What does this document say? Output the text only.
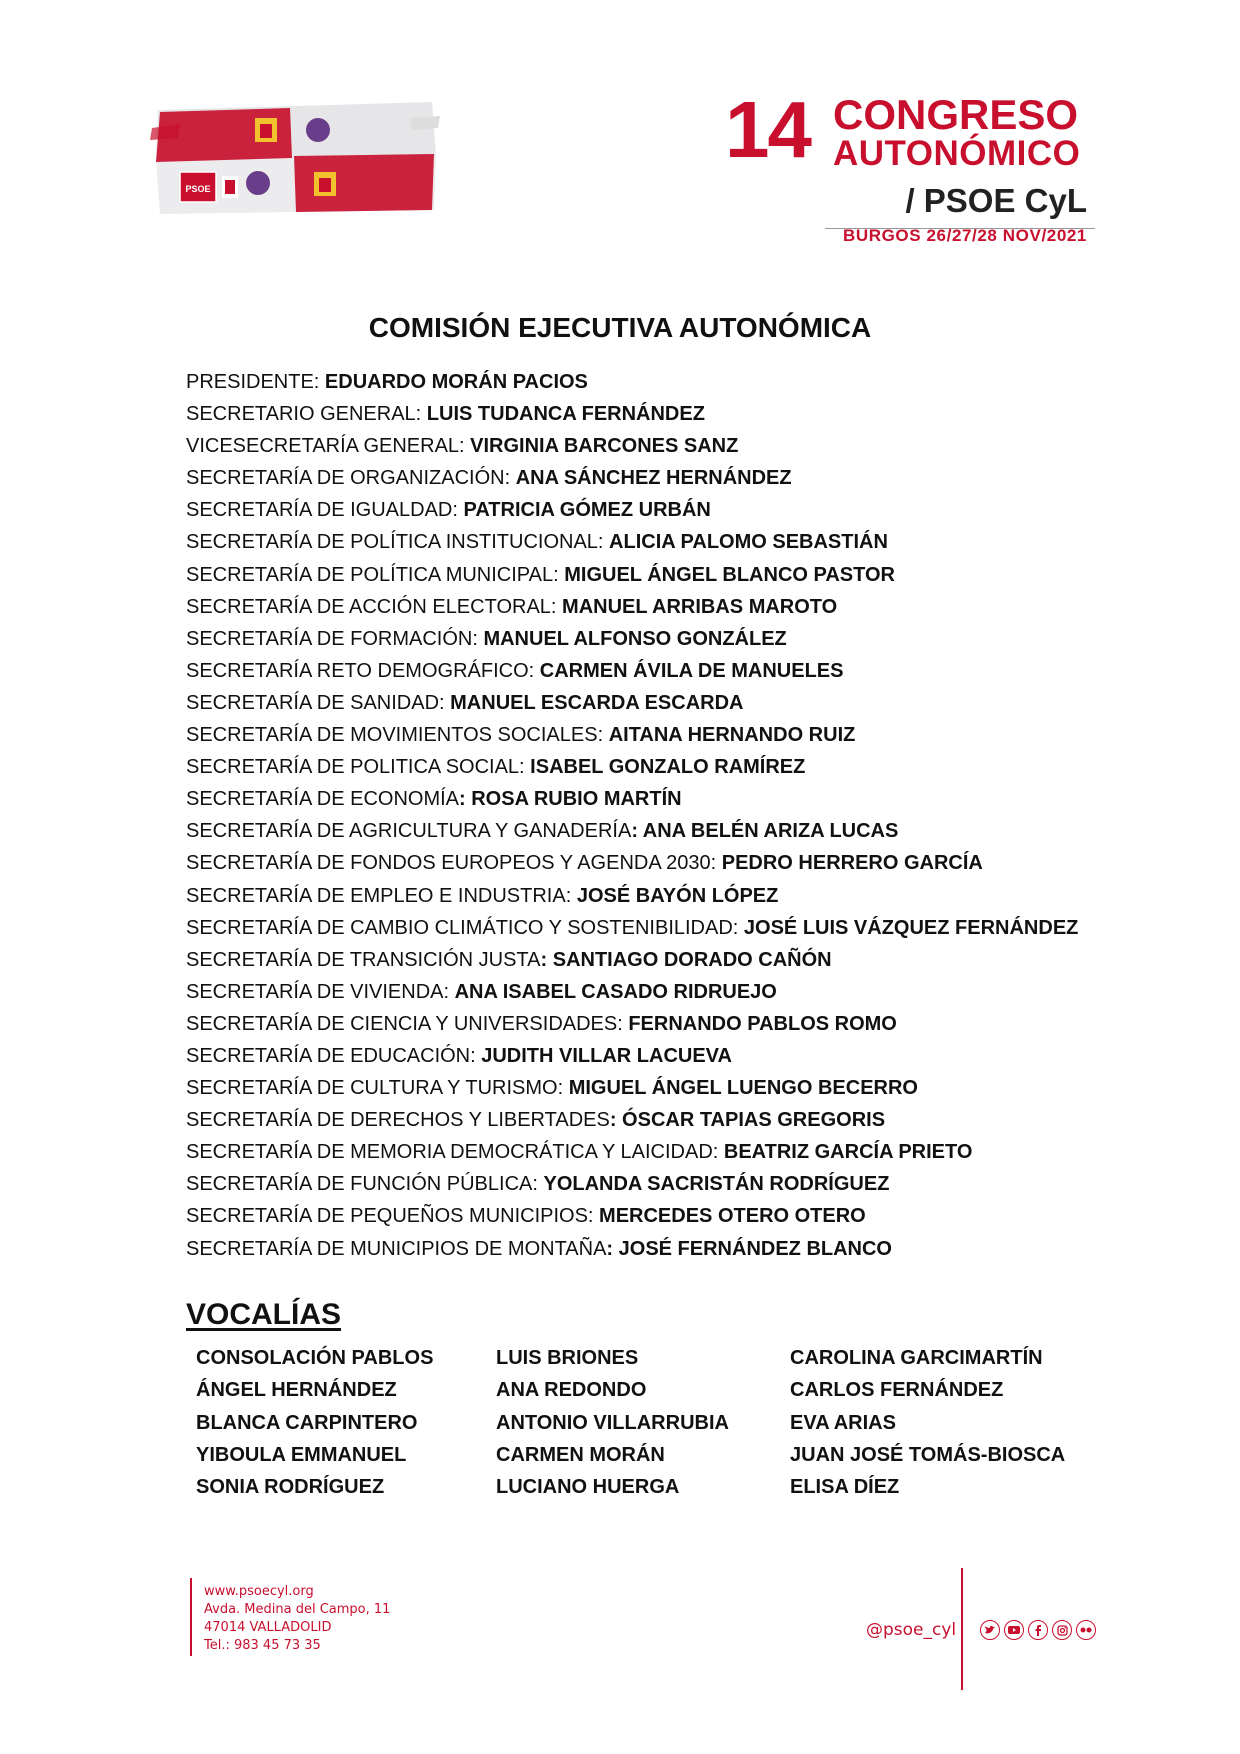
PSOE
14 CONGRESO
AUTONÓMICO
/ PSOE CyL
BURGOS 26/27/28 NOV/2021
COMISIÓN EJECUTIVA AUTONÓMICA
PRESIDENTE: EDUARDO MORÁN PACIOS
SECRETARIO GENERAL: LUIS TUDANCA FERNÁNDEZ
VICESECRETARÍA GENERAL: VIRGINIA BARCONES SANZ
SECRETARÍA DE ORGANIZACIÓN: ANA SÁNCHEZ HERNÁNDEZ
SECRETARÍA DE IGUALDAD: PATRICIA GÓMEZ URBÁN
SECRETARÍA DE POLÍTICA INSTITUCIONAL: ALICIA PALOMO SEBASTIÁN
SECRETARÍA DE POLÍTICA MUNICIPAL: MIGUEL ÁNGEL BLANCO PASTOR
SECRETARÍA DE ACCIÓN ELECTORAL: MANUEL ARRIBAS MAROTO
SECRETARÍA DE FORMACIÓN: MANUEL ALFONSO GONZÁLEZ
SECRETARÍA RETO DEMOGRÁFICO: CARMEN ÁVILA DE MANUELES
SECRETARÍA DE SANIDAD: MANUEL ESCARDA ESCARDA
SECRETARÍA DE MOVIMIENTOS SOCIALES: AITANA HERNANDO RUIZ
SECRETARÍA DE POLITICA SOCIAL: ISABEL GONZALO RAMÍREZ
SECRETARÍA DE ECONOMÍA: ROSA RUBIO MARTÍN
SECRETARÍA DE AGRICULTURA Y GANADERÍA: ANA BELÉN ARIZA LUCAS
SECRETARÍA DE FONDOS EUROPEOS Y AGENDA 2030: PEDRO HERRERO GARCÍA
SECRETARÍA DE EMPLEO E INDUSTRIA: JOSÉ BAYÓN LÓPEZ
SECRETARÍA DE CAMBIO CLIMÁTICO Y SOSTENIBILIDAD: JOSÉ LUIS VÁZQUEZ FERNÁNDEZ
SECRETARÍA DE TRANSICIÓN JUSTA: SANTIAGO DORADO CAÑÓN
SECRETARÍA DE VIVIENDA: ANA ISABEL CASADO RIDRUEJO
SECRETARÍA DE CIENCIA Y UNIVERSIDADES: FERNANDO PABLOS ROMO
SECRETARÍA DE EDUCACIÓN: JUDITH VILLAR LACUEVA
SECRETARÍA DE CULTURA Y TURISMO: MIGUEL ÁNGEL LUENGO BECERRO
SECRETARÍA DE DERECHOS Y LIBERTADES: ÓSCAR TAPIAS GREGORIS
SECRETARÍA DE MEMORIA DEMOCRÁTICA Y LAICIDAD: BEATRIZ GARCÍA PRIETO
SECRETARÍA DE FUNCIÓN PÚBLICA: YOLANDA SACRISTÁN RODRÍGUEZ
SECRETARÍA DE PEQUEÑOS MUNICIPIOS: MERCEDES OTERO OTERO
SECRETARÍA DE MUNICIPIOS DE MONTAÑA: JOSÉ FERNÁNDEZ BLANCO
VOCALÍAS
CONSOLACIÓN PABLOS
ÁNGEL HERNÁNDEZ
BLANCA CARPINTERO
YIBOULA EMMANUEL
SONIA RODRÍGUEZ
LUIS BRIONES
ANA REDONDO
ANTONIO VILLARRUBIA
CARMEN MORÁN
LUCIANO HUERGA
CAROLINA GARCIMARTÍN
CARLOS FERNÁNDEZ
EVA ARIAS
JUAN JOSÉ TOMÁS-BIOSCA
ELISA DÍEZ
www.psoecyl.org
Avda. Medina del Campo, 11
47014 VALLADOLID
Tel.: 983 45 73 35
@psoe_cyl
